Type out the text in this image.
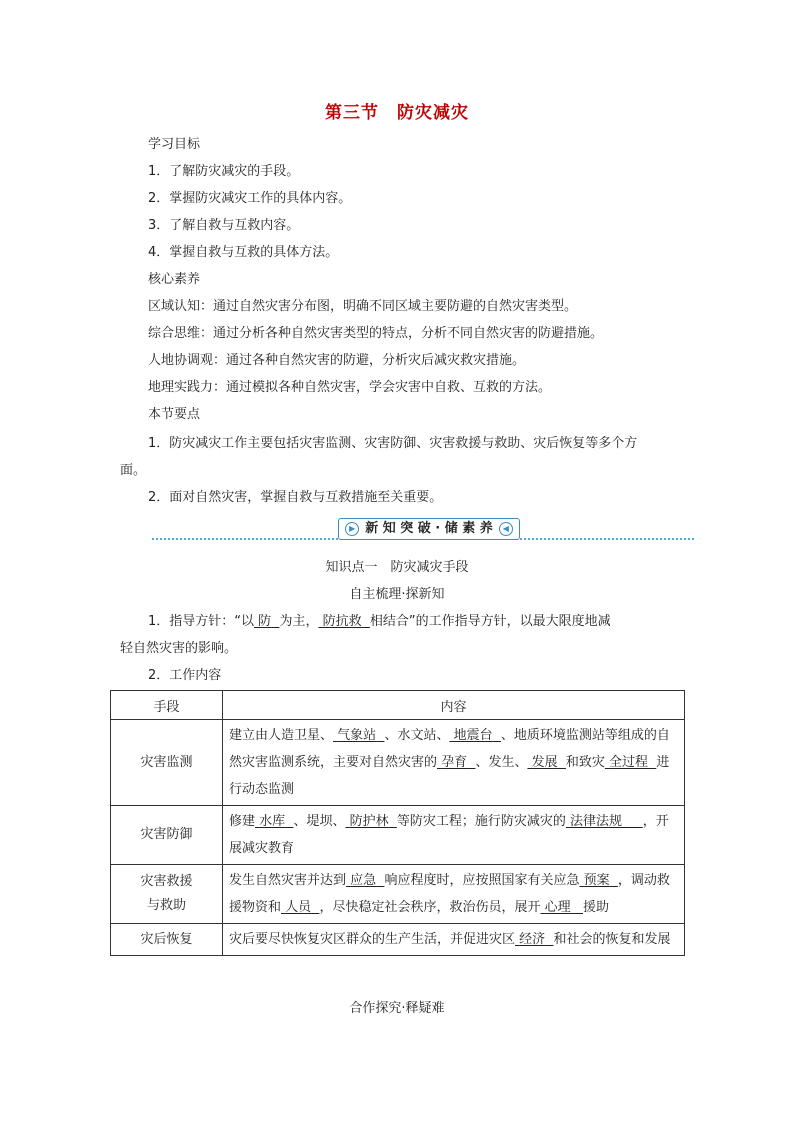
第三节　防灾减灾
学习目标
1．了解防灾减灾的手段。
2．掌握防灾减灾工作的具体内容。
3．了解自救与互救内容。
4．掌握自救与互救的具体方法。
核心素养
区域认知：通过自然灾害分布图，明确不同区域主要防避的自然灾害类型。
综合思维：通过分析各种自然灾害类型的特点，分析不同自然灾害的防避措施。
人地协调观：通过各种自然灾害的防避，分析灾后减灾救灾措施。
地理实践力：通过模拟各种自然灾害，学会灾害中自救、互救的方法。
本节要点
1．防灾减灾工作主要包括灾害监测、灾害防御、灾害救援与救助、灾后恢复等多个方
面。
2．面对自然灾害，掌握自救与互救措施至关重要。
▶ 新 知 突 破 · 储 素 养 ◀
知识点一　防灾减灾手段
自主梳理·探新知
1．指导方针：“以 防 为主， 防抗救 相结合”的工作指导方针，以最大限度地减
轻自然灾害的影响。
2．工作内容
手段	内容
灾害监测	建立由人造卫星、 气象站 、水文站、 地震台 、地质环境监测站等组成的自然灾害监测系统，主要对自然灾害的 孕育 、发生、 发展 和致灾 全过程 进行动态监测
灾害防御	修建 水库 、堤坝、 防护林 等防灾工程；施行防灾减灾的 法律法规 ，开展减灾教育
灾害救援
与救助	发生自然灾害并达到 应急 响应程度时，应按照国家有关应急 预案 ，调动救援物资和 人员 ，尽快稳定社会秩序，救治伤员，展开 心理 援助
灾后恢复	灾后要尽快恢复灾区群众的生产生活，并促进灾区 经济 和社会的恢复和发展
合作探究·释疑难
